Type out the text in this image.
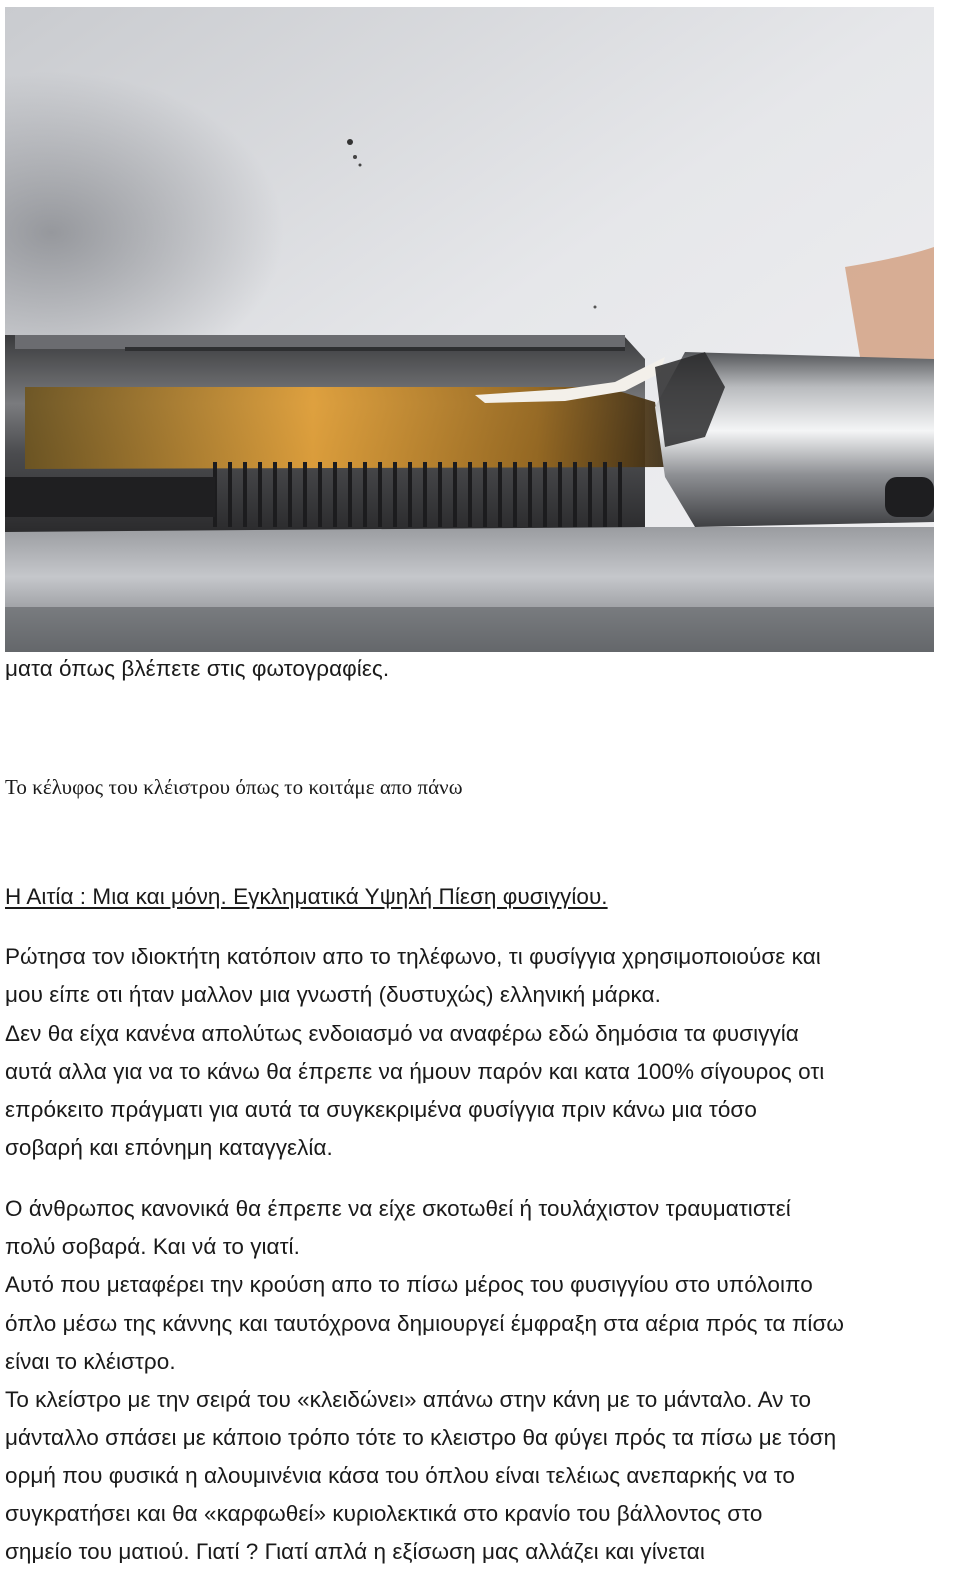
ματα όπως βλέπετε στις φωτογραφίες.
Το κέλυφος του κλέιστρου όπως το κοιτάμε απο πάνω
Η Αιτία : Μια και μόνη. Εγκληματικά Υψηλή Πίεση φυσιγγίου.
Ρώτησα τον ιδιοκτήτη κατόποιν απο το τηλέφωνο, τι φυσίγγια χρησιμοποιούσε και
μου είπε οτι ήταν μαλλον μια γνωστή (δυστυχώς) ελληνική μάρκα.
Δεν θα είχα κανένα απολύτως ενδοιασμό να αναφέρω εδώ δημόσια τα φυσιγγία
αυτά αλλα για να το κάνω θα έπρεπε να ήμουν παρόν και κατα 100% σίγουρος οτι
επρόκειτο πράγματι για αυτά τα συγκεκριμένα φυσίγγια πριν κάνω μια τόσο
σοβαρή και επόνημη καταγγελία.
Ο άνθρωπος κανονικά θα έπρεπε να είχε σκοτωθεί ή τουλάχιστον τραυματιστεί
πολύ σοβαρά. Και νά το γιατί.
Αυτό που μεταφέρει την κρούση απο το πίσω μέρος του φυσιγγίου στο υπόλοιπο
όπλο μέσω της κάννης και ταυτόχρονα δημιουργεί έμφραξη στα αέρια πρός τα πίσω
είναι το κλέιστρο.
Το κλείστρο με την σειρά του «κλειδώνει» απάνω στην κάνη με το μάνταλο. Αν το
μάνταλλο σπάσει με κάποιο τρόπο τότε το κλειστρο θα φύγει πρός τα πίσω με τόση
ορμή που φυσικά η αλουμινένια κάσα του όπλου είναι τελέιως ανεπαρκής να το
συγκρατήσει και θα «καρφωθεί» κυριολεκτικά στο κρανίο του βάλλοντος στο
σημείο του ματιού. Γιατί ? Γιατί απλά η εξίσωση μας αλλάζει και γίνεται
